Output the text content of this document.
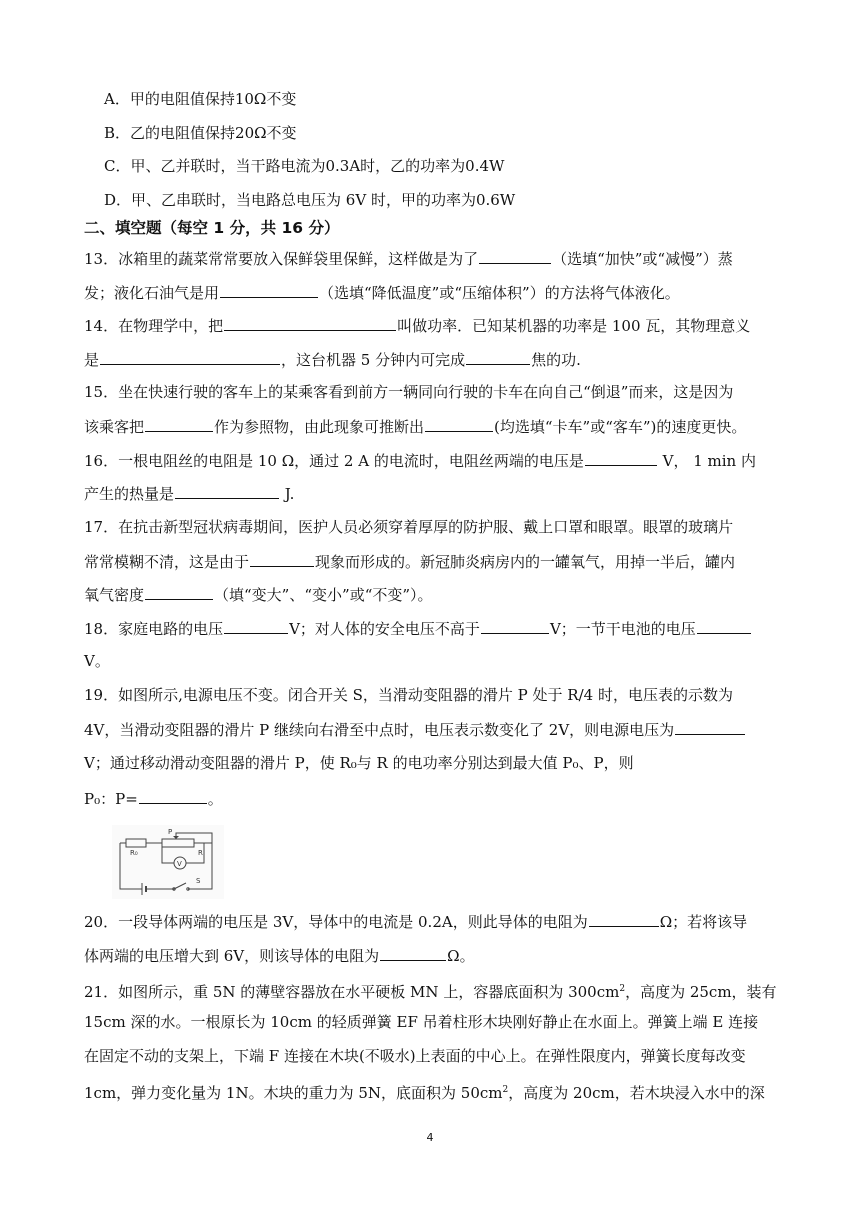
A．甲的电阻值保持10Ω不变
B．乙的电阻值保持20Ω不变
C．甲、乙并联时，当干路电流为0.3A时，乙的功率为0.4W
D．甲、乙串联时，当电路总电压为 6V 时，甲的功率为0.6W
二、填空题（每空 1 分，共 16 分）
13．冰箱里的蔬菜常常要放入保鲜袋里保鲜，这样做是为了	（选填“加快”或“减慢”）蒸
发；液化石油气是用	（选填“降低温度”或“压缩体积”）的方法将气体液化。
14．在物理学中，把	叫做功率．已知某机器的功率是 100 瓦，其物理意义
是	，这台机器 5 分钟内可完成	焦的功.
15．坐在快速行驶的客车上的某乘客看到前方一辆同向行驶的卡车在向自己“倒退”而来，这是因为
该乘客把	作为参照物，由此现象可推断出	(均选填“卡车”或“客车”)的速度更快。
16．一根电阻丝的电阻是 10 Ω，通过 2 A 的电流时，电阻丝两端的电压是	V， 1 min 内
产生的热量是	J.
17．在抗击新型冠状病毒期间，医护人员必须穿着厚厚的防护服、戴上口罩和眼罩。眼罩的玻璃片
常常模糊不清，这是由于	现象而形成的。新冠肺炎病房内的一罐氧气，用掉一半后，罐内
氧气密度	（填“变大”、“变小”或“不变”）。
18．家庭电路的电压	V；对人体的安全电压不高于	V；一节干电池的电压
V。
19．如图所示,电源电压不变。闭合开关 S，当滑动变阻器的滑片 P 处于 R/4 时，电压表的示数为
4V，当滑动变阻器的滑片 P 继续向右滑至中点时，电压表示数变化了 2V，则电源电压为
V；通过移动滑动变阻器的滑片 P，使 R₀与 R 的电功率分别达到最大值 P₀、P，则
P₀：P=	。
P
R₀	R
V
S
20．一段导体两端的电压是 3V，导体中的电流是 0.2A，则此导体的电阻为	Ω；若将该导
体两端的电压增大到 6V，则该导体的电阻为	Ω。
21．如图所示，重 5N 的薄壁容器放在水平硬板 MN 上，容器底面积为 $300cm^2$，高度为 25cm，装有
15cm 深的水。一根原长为 10cm 的轻质弹簧 EF 吊着柱形木块刚好静止在水面上。弹簧上端 E 连接
在固定不动的支架上，下端 F 连接在木块(不吸水)上表面的中心上。在弹性限度内，弹簧长度每改变
1cm，弹力变化量为 1N。木块的重力为 5N，底面积为 $50cm^2$，高度为 20cm，若木块浸入水中的深
4
